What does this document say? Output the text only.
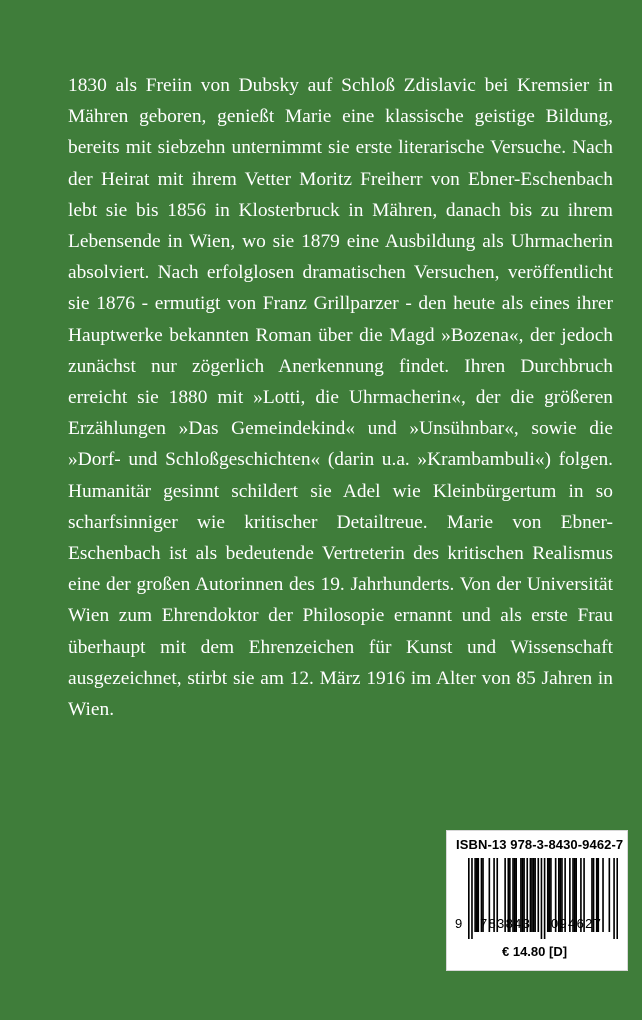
1830 als Freiin von Dubsky auf Schloß Zdislavic bei Kremsier in Mähren geboren, genießt Marie eine klassische geistige Bildung, bereits mit siebzehn unternimmt sie erste literarische Versuche. Nach der Heirat mit ihrem Vetter Moritz Freiherr von Ebner-Eschenbach lebt sie bis 1856 in Klosterbruck in Mähren, danach bis zu ihrem Lebensende in Wien, wo sie 1879 eine Ausbildung als Uhrmacherin absolviert. Nach erfolglosen dramatischen Versuchen, veröffentlicht sie 1876 - ermutigt von Franz Grillparzer - den heute als eines ihrer Hauptwerke bekannten Roman über die Magd »Bozena«, der jedoch zunächst nur zögerlich Anerkennung findet. Ihren Durchbruch erreicht sie 1880 mit »Lotti, die Uhrmacherin«, der die größeren Erzählungen »Das Gemeindekind« und »Unsühnbar«, sowie die »Dorf- und Schloßgeschichten« (darin u.a. »Krambambuli«) folgen. Humanitär gesinnt schildert sie Adel wie Kleinbürgertum in so scharfsinniger wie kritischer Detailtreue. Marie von Ebner-Eschenbach ist als bedeutende Vertreterin des kritischen Realismus eine der großen Autorinnen des 19. Jahrhunderts. Von der Universität Wien zum Ehrendoktor der Philosopie ernannt und als erste Frau überhaupt mit dem Ehrenzeichen für Kunst und Wissenschaft ausgezeichnet, stirbt sie am 12. März 1916 im Alter von 85 Jahren in Wien.

ISBN-13 978-3-8430-9462-7
9 783843 094627
€ 14.80 [D]
